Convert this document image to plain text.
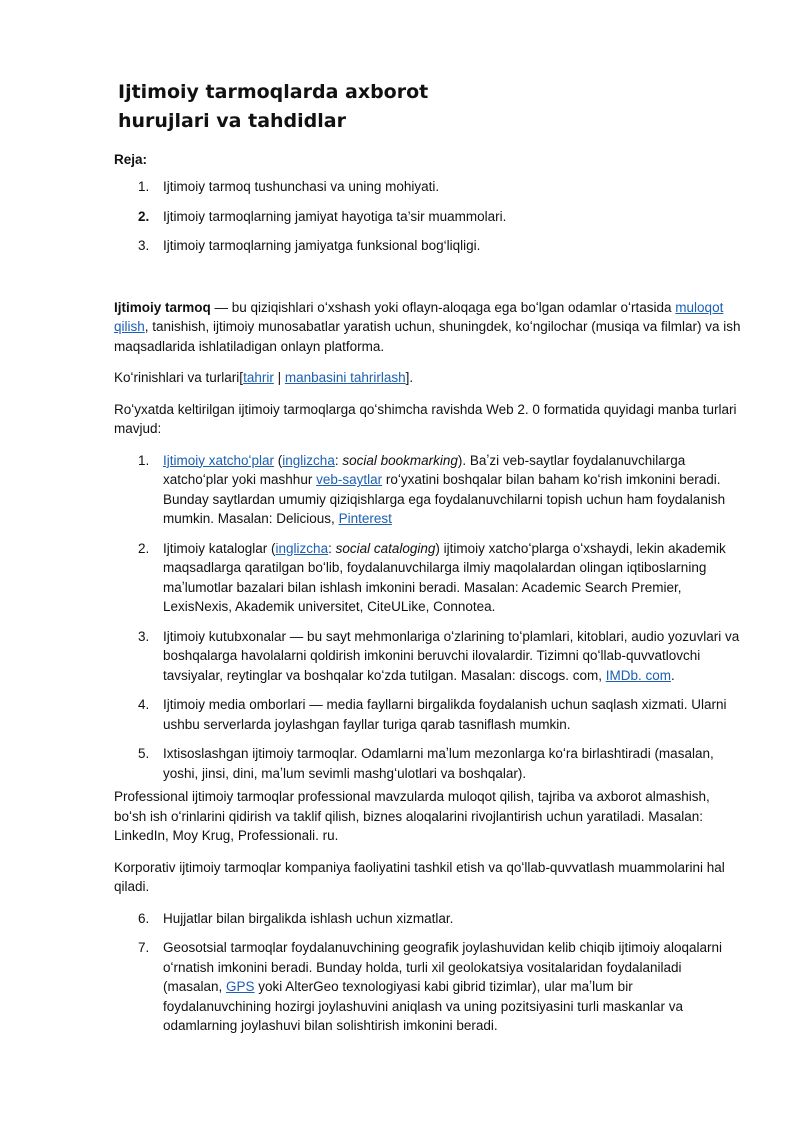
Ijtimoiy tarmoqlarda axborot
hurujlari va tahdidlar
Reja:
1. Ijtimoiy tarmoq tushunchasi va uning mohiyati.
2. Ijtimoiy tarmoqlarning jamiyat hayotiga ta’sir muammolari.
3. Ijtimoiy tarmoqlarning jamiyatga funksional bog‘liqligi.

Ijtimoiy tarmoq — bu qiziqishlari oʻxshash yoki oflayn-aloqaga ega boʻlgan odamlar oʻrtasida muloqot qilish, tanishish, ijtimoiy munosabatlar yaratish uchun, shuningdek, koʻngilochar (musiqa va filmlar) va ish maqsadlarida ishlatiladigan onlayn platforma.

Koʻrinishlari va turlari[tahrir | manbasini tahrirlash].

Roʻyxatda keltirilgan ijtimoiy tarmoqlarga qoʻshimcha ravishda Web 2. 0 formatida quyidagi manba turlari mavjud:

1. Ijtimoiy xatchoʻplar (inglizcha: social bookmarking). Baʼzi veb-saytlar foydalanuvchilarga xatchoʻplar yoki mashhur veb-saytlar roʻyxatini boshqalar bilan baham koʻrish imkonini beradi. Bunday saytlardan umumiy qiziqishlarga ega foydalanuvchilarni topish uchun ham foydalanish mumkin. Masalan: Delicious, Pinterest
2. Ijtimoiy kataloglar (inglizcha: social cataloging) ijtimoiy xatchoʻplarga oʻxshaydi, lekin akademik maqsadlarga qaratilgan boʻlib, foydalanuvchilarga ilmiy maqolalardan olingan iqtiboslarning maʼlumotlar bazalari bilan ishlash imkonini beradi. Masalan: Academic Search Premier, LexisNexis, Akademik universitet, CiteULike, Connotea.
3. Ijtimoiy kutubxonalar — bu sayt mehmonlariga oʻzlarining toʻplamlari, kitoblari, audio yozuvlari va boshqalarga havolalarni qoldirish imkonini beruvchi ilovalardir. Tizimni qoʻllab-quvvatlovchi tavsiyalar, reytinglar va boshqalar koʻzda tutilgan. Masalan: discogs. com, IMDb. com.
4. Ijtimoiy media omborlari — media fayllarni birgalikda foydalanish uchun saqlash xizmati. Ularni ushbu serverlarda joylashgan fayllar turiga qarab tasniflash mumkin.
5. Ixtisoslashgan ijtimoiy tarmoqlar. Odamlarni maʼlum mezonlarga koʻra birlashtiradi (masalan, yoshi, jinsi, dini, maʼlum sevimli mashgʻulotlari va boshqalar).

Professional ijtimoiy tarmoqlar professional mavzularda muloqot qilish, tajriba va axborot almashish, boʻsh ish oʻrinlarini qidirish va taklif qilish, biznes aloqalarini rivojlantirish uchun yaratiladi. Masalan: LinkedIn, Moy Krug, Professionali. ru.

Korporativ ijtimoiy tarmoqlar kompaniya faoliyatini tashkil etish va qoʻllab-quvvatlash muammolarini hal qiladi.

6. Hujjatlar bilan birgalikda ishlash uchun xizmatlar.
7. Geosotsial tarmoqlar foydalanuvchining geografik joylashuvidan kelib chiqib ijtimoiy aloqalarni oʻrnatish imkonini beradi. Bunday holda, turli xil geolokatsiya vositalaridan foydalaniladi (masalan, GPS yoki AlterGeo texnologiyasi kabi gibrid tizimlar), ular maʼlum bir foydalanuvchining hozirgi joylashuvini aniqlash va uning pozitsiyasini turli maskanlar va odamlarning joylashuvi bilan solishtirish imkonini beradi.
